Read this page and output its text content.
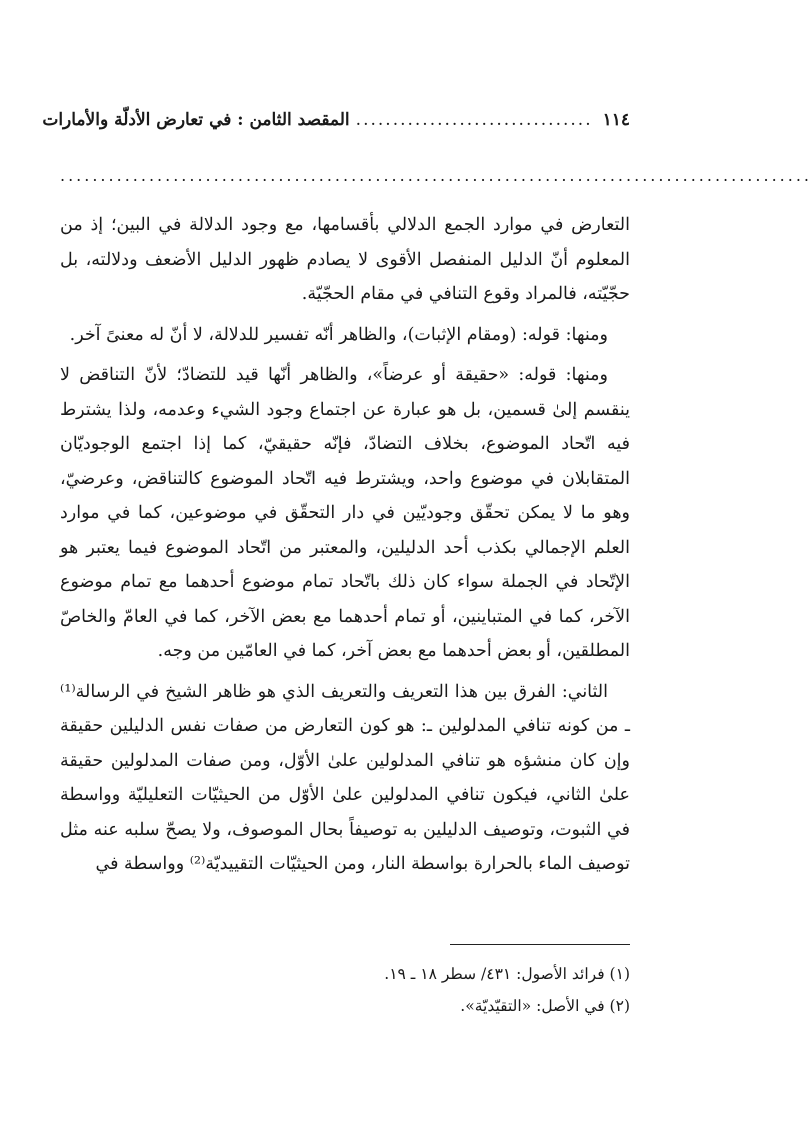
١١٤
................................
المقصد الثامن : في تعارض الأدلّة والأمارات
.............................................................................................

التعارض في موارد الجمع الدلالي بأقسامها، مع وجود الدلالة في البين؛ إذ من المعلوم أنّ الدليل المنفصل الأقوى لا يصادم ظهور الدليل الأضعف ودلالته، بل حجّيّته، فالمراد وقوع التنافي في مقام الحجّيّة.

ومنها: قوله: (ومقام الإثبات)، والظاهر أنّه تفسير للدلالة، لا أنّ له معنىً آخر.

ومنها: قوله: «حقيقة أو عرضاً»، والظاهر أنّها قيد للتضادّ؛ لأنّ التناقض لا ينقسم إلىٰ قسمين، بل هو عبارة عن اجتماع وجود الشيء وعدمه، ولذا يشترط فيه اتّحاد الموضوع، بخلاف التضادّ، فإنّه حقيقيّ، كما إذا اجتمع الوجوديّان المتقابلان في موضوع واحد، ويشترط فيه اتّحاد الموضوع كالتناقض، وعرضيّ، وهو ما لا يمكن تحقّق وجوديّين في دار التحقّق في موضوعين، كما في موارد العلم الإجمالي بكذب أحد الدليلين، والمعتبر من اتّحاد الموضوع فيما يعتبر هو الإتّحاد في الجملة سواء كان ذلك باتّحاد تمام موضوع أحدهما مع تمام موضوع الآخر، كما في المتباينين، أو تمام أحدهما مع بعض الآخر، كما في العامّ والخاصّ المطلقين، أو بعض أحدهما مع بعض آخر، كما في العامّين من وجه.

الثاني: الفرق بين هذا التعريف والتعريف الذي هو ظاهر الشيخ في الرسالة⁽¹⁾ ـ من كونه تنافي المدلولين ـ: هو كون التعارض من صفات نفس الدليلين حقيقة وإن كان منشؤه هو تنافي المدلولين علىٰ الأوّل، ومن صفات المدلولين حقيقة علىٰ الثاني، فيكون تنافي المدلولين علىٰ الأوّل من الحيثيّات التعليليّة وواسطة في الثبوت، وتوصيف الدليلين به توصيفاً بحال الموصوف، ولا يصحّ سلبه عنه مثل توصيف الماء بالحرارة بواسطة النار، ومن الحيثيّات التقييديّة⁽²⁾ وواسطة في

(١) فرائد الأصول: ٤٣١/ سطر ١٨ ـ ١٩.

(٢) في الأصل: «التقيّديّة».
